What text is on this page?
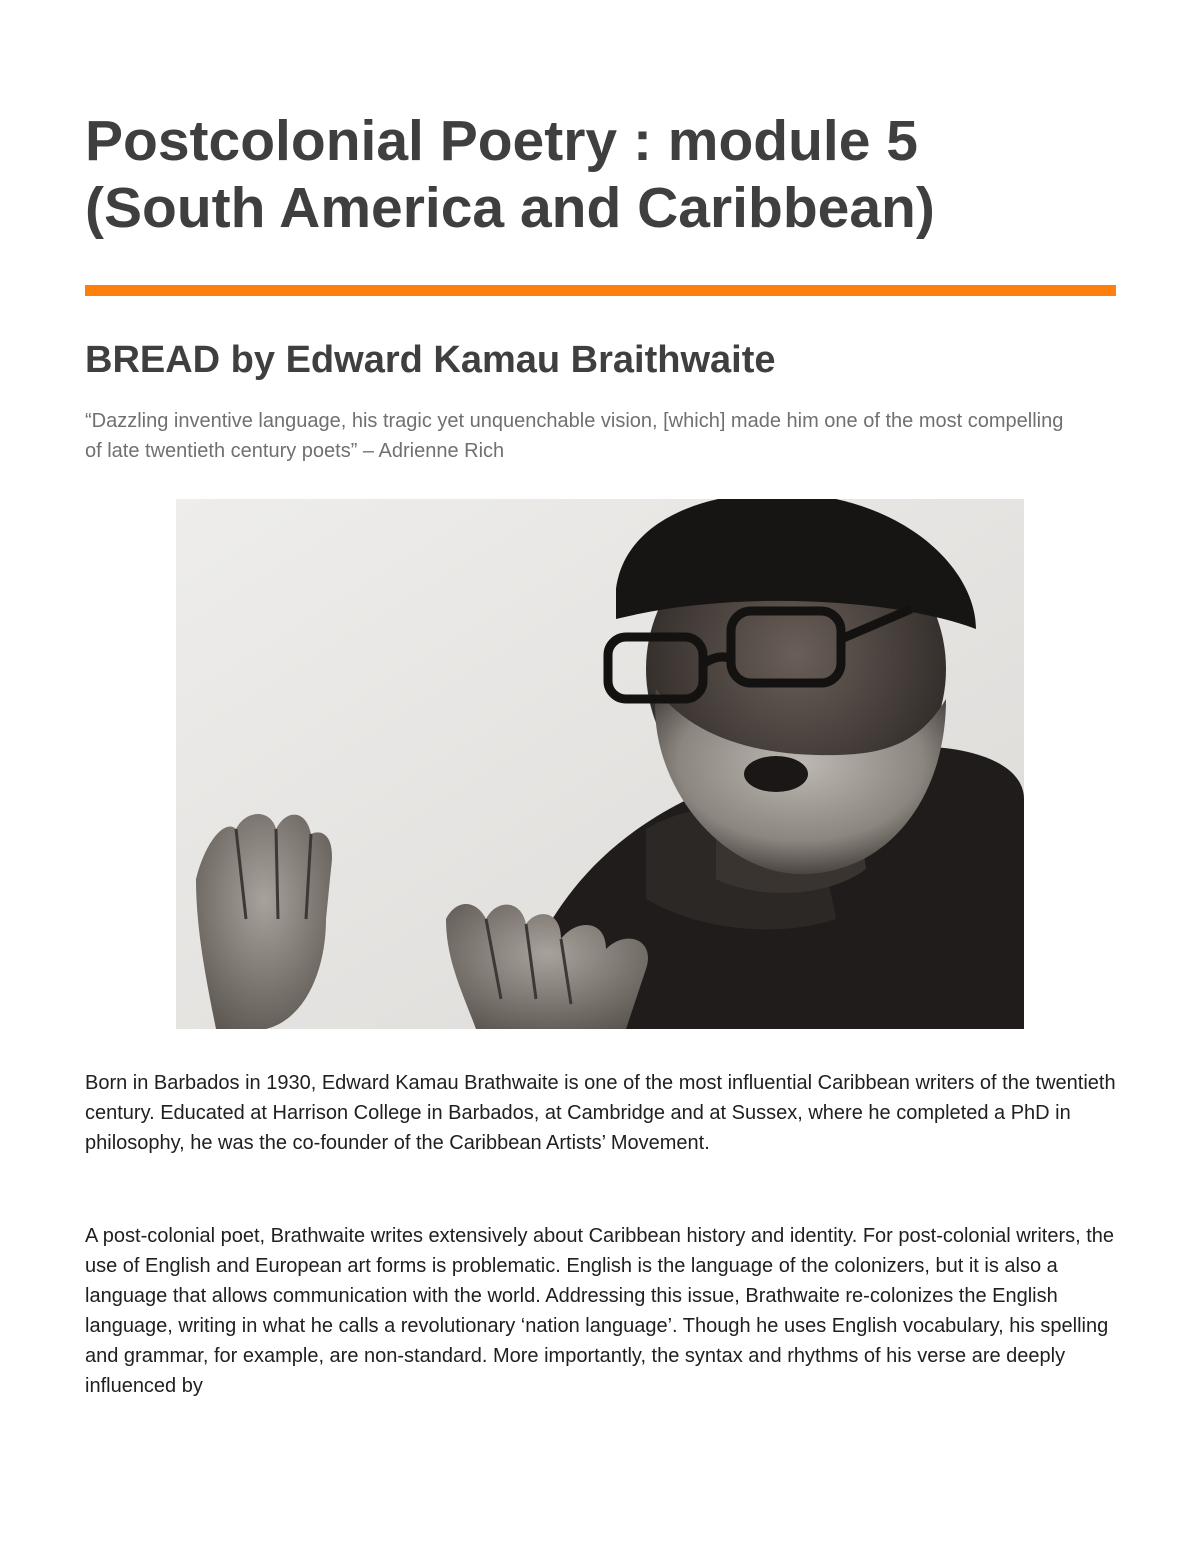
Postcolonial Poetry : module 5
(South America and Caribbean)
BREAD by Edward Kamau Braithwaite

“Dazzling inventive language, his tragic yet unquenchable vision, [which] made him one of the most compelling of late twentieth century poets” – Adrienne Rich

Born in Barbados in 1930, Edward Kamau Brathwaite is one of the most influential Caribbean writers of the twentieth century. Educated at Harrison College in Barbados, at Cambridge and at Sussex, where he completed a PhD in philosophy, he was the co-founder of the Caribbean Artists’ Movement.

A post-colonial poet, Brathwaite writes extensively about Caribbean history and identity. For post-colonial writers, the use of English and European art forms is problematic. English is the language of the colonizers, but it is also a language that allows communication with the world. Addressing this issue, Brathwaite re-colonizes the English language, writing in what he calls a revolutionary ‘nation language’. Though he uses English vocabulary, his spelling and grammar, for example, are non-standard. More importantly, the syntax and rhythms of his verse are deeply influenced by
